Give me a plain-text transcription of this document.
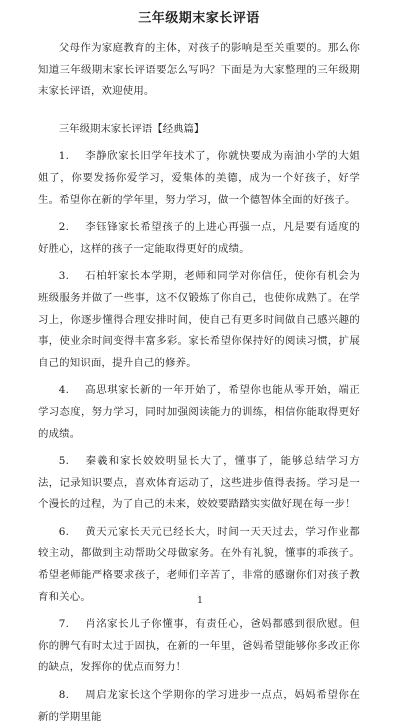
三年级期末家长评语

父母作为家庭教育的主体，对孩子的影响是至关重要的。那么你知道三年级期末家长评语要怎么写吗？下面是为大家整理的三年级期末家长评语，欢迎使用。

三年级期末家长评语【经典篇】

1. 李静欣家长旧学年技术了，你就快要成为南油小学的大姐姐了，你要发扬你爱学习，爱集体的美德，成为一个好孩子，好学生。希望你在新的学年里，努力学习，做一个德智体全面的好孩子。

2. 李钰锋家长希望孩子的上进心再强一点，凡是要有适度的好胜心，这样的孩子一定能取得更好的成绩。

3. 石柏轩家长本学期，老师和同学对你信任，使你有机会为班级服务并做了一些事，这不仅锻炼了你自己，也使你成熟了。在学习上，你逐步懂得合理安排时间，使自己有更多时间做自己感兴趣的事，使业余时间变得丰富多彩。家长希望你保持好的阅读习惯，扩展自己的知识面，提升自己的修养。

4. 高思琪家长新的一年开始了，希望你也能从零开始，端正学习态度，努力学习，同时加强阅读能力的训练，相信你能取得更好的成绩。

5. 秦羲和家长姣姣明显长大了，懂事了，能够总结学习方法，记录知识要点，喜欢体育运动了，这些进步值得表扬。学习是一个漫长的过程，为了自己的未来，姣姣要踏踏实实做好现在每一步！

6. 黄天元家长天元已经长大，时间一天天过去，学习作业都较主动，都做到主动帮助父母做家务。在外有礼貌，懂事的乖孩子。希望老师能严格要求孩子，老师们辛苦了，非常的感谢你们对孩子教育和关心。

7. 肖洺家长儿子你懂事，有责任心，爸妈都感到很欣慰。但你的脾气有时太过于固执，在新的一年里，爸妈希望能够你多改正你的缺点，发挥你的优点而努力！

8. 周启龙家长这个学期你的学习进步一点点，妈妈希望你在新的学期里能

1
